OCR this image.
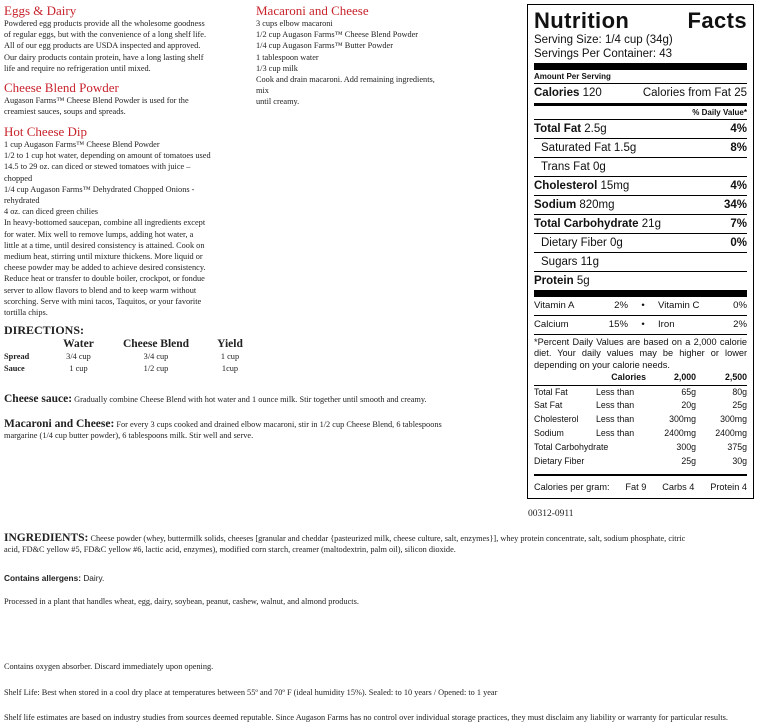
Eggs & Dairy
Powdered egg products provide all the wholesome goodness
of regular eggs, but with the convenience of a long shelf life.
All of our egg products are USDA inspected and approved.
Our dairy products contain protein, have a long lasting shelf
life and require no refrigeration until mixed.
Cheese Blend Powder
Augason Farms™ Cheese Blend Powder is used for the
creamiest sauces, soups and spreads.
Hot Cheese Dip
1 cup Augason Farms™ Cheese Blend Powder
1/2 to 1 cup hot water, depending on amount of tomatoes used
14.5 to 29 oz. can diced or stewed tomatoes with juice –
chopped
1/4 cup Augason Farms™ Dehydrated Chopped Onions -
rehydrated
4 oz. can diced green chilies
In heavy-bottomed saucepan, combine all ingredients except
for water. Mix well to remove lumps, adding hot water, a
little at a time, until desired consistency is attained. Cook on
medium heat, stirring until mixture thickens. More liquid or
cheese powder may be added to achieve desired consistency.
Reduce heat or transfer to double boiler, crockpot, or fondue
server to allow flavors to blend and to keep warm without
scorching. Serve with mini tacos, Taquitos, or your favorite
tortilla chips.
Macaroni and Cheese
3 cups elbow macaroni
1/2 cup Augason Farms™ Cheese Blend Powder
1/4 cup Augason Farms™ Butter Powder
1 tablespoon water
1/3 cup milk
Cook and drain macaroni. Add remaining ingredients,
mix
until creamy.
DIRECTIONS:
	Water	Cheese Blend	Yield
Spread	3/4 cup	3/4 cup	1 cup
Sauce	1 cup	1/2 cup	1cup
Cheese sauce: Gradually combine Cheese Blend with hot water and 1 ounce milk. Stir together until smooth and creamy.
Macaroni and Cheese: For every 3 cups cooked and drained elbow macaroni, stir in 1/2 cup Cheese Blend, 6 tablespoons
margarine (1/4 cup butter powder), 6 tablespoons milk. Stir well and serve.
Nutrition	Facts
Serving Size: 1/4 cup (34g)
Servings Per Container: 43
Amount Per Serving
Calories 120	Calories from Fat 25
% Daily Value*
Total Fat 2.5g	4%
Saturated Fat 1.5g	8%
Trans Fat 0g
Cholesterol 15mg	4%
Sodium 820mg	34%
Total Carbohydrate 21g	7%
Dietary Fiber 0g	0%
Sugars 11g
Protein 5g
Vitamin A	2%	•	Vitamin C	0%
Calcium	15%	•	Iron	2%
*Percent Daily Values are based on a 2,000 calorie diet. Your daily values may be higher or lower depending on your calorie needs.
	Calories	2,000	2,500
Total Fat	Less than	65g	80g
Sat Fat	Less than	20g	25g
Cholesterol	Less than	300mg	300mg
Sodium	Less than	2400mg	2400mg
Total Carbohydrate		300g	375g
Dietary Fiber		25g	30g
Calories per gram: Fat 9 Carbs 4 Protein 4
00312-0911
INGREDIENTS: Cheese powder (whey, buttermilk solids, cheeses [granular and cheddar {pasteurized milk, cheese culture, salt, enzymes}], whey protein concentrate, salt, sodium phosphate, citric
acid, FD&C yellow #5, FD&C yellow #6, lactic acid, enzymes), modified corn starch, creamer (maltodextrin, palm oil), silicon dioxide.
Contains allergens: Dairy.
Processed in a plant that handles wheat, egg, dairy, soybean, peanut, cashew, walnut, and almond products.
Contains oxygen absorber. Discard immediately upon opening.
Shelf Life: Best when stored in a cool dry place at temperatures between 55º and 70º F (ideal humidity 15%). Sealed: to 10 years / Opened: to 1 year
Shelf life estimates are based on industry studies from sources deemed reputable. Since Augason Farms has no control over individual storage practices, they must disclaim any liability or warranty for particular results.
